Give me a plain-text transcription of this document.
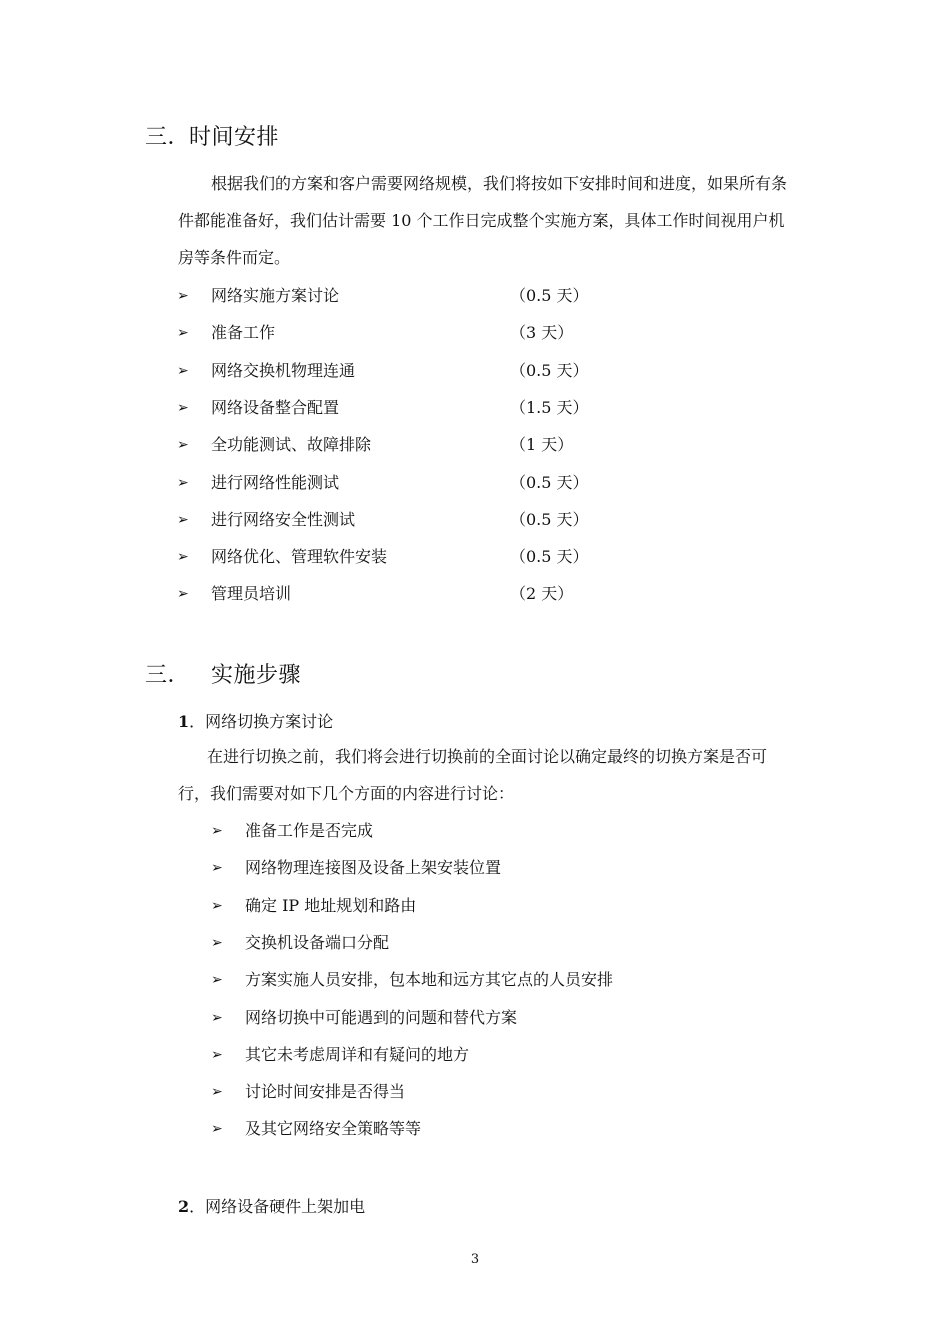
三．时间安排
根据我们的方案和客户需要网络规模，我们将按如下安排时间和进度，如果所有条
件都能准备好，我们估计需要 10 个工作日完成整个实施方案，具体工作时间视用户机
房等条件而定。
➢ 网络实施方案讨论	（0.5 天）
➢ 准备工作	（3 天）
➢ 网络交换机物理连通	（0.5 天）
➢ 网络设备整合配置	（1.5 天）
➢ 全功能测试、故障排除	（1 天）
➢ 进行网络性能测试	（0.5 天）
➢ 进行网络安全性测试	（0.5 天）
➢ 网络优化、管理软件安装	（0.5 天）
➢ 管理员培训	（2 天）
三． 实施步骤
1．网络切换方案讨论
在进行切换之前，我们将会进行切换前的全面讨论以确定最终的切换方案是否可
行，我们需要对如下几个方面的内容进行讨论：
➢ 准备工作是否完成
➢ 网络物理连接图及设备上架安装位置
➢ 确定 IP 地址规划和路由
➢ 交换机设备端口分配
➢ 方案实施人员安排，包本地和远方其它点的人员安排
➢ 网络切换中可能遇到的问题和替代方案
➢ 其它未考虑周详和有疑问的地方
➢ 讨论时间安排是否得当
➢ 及其它网络安全策略等等
2．网络设备硬件上架加电
3
